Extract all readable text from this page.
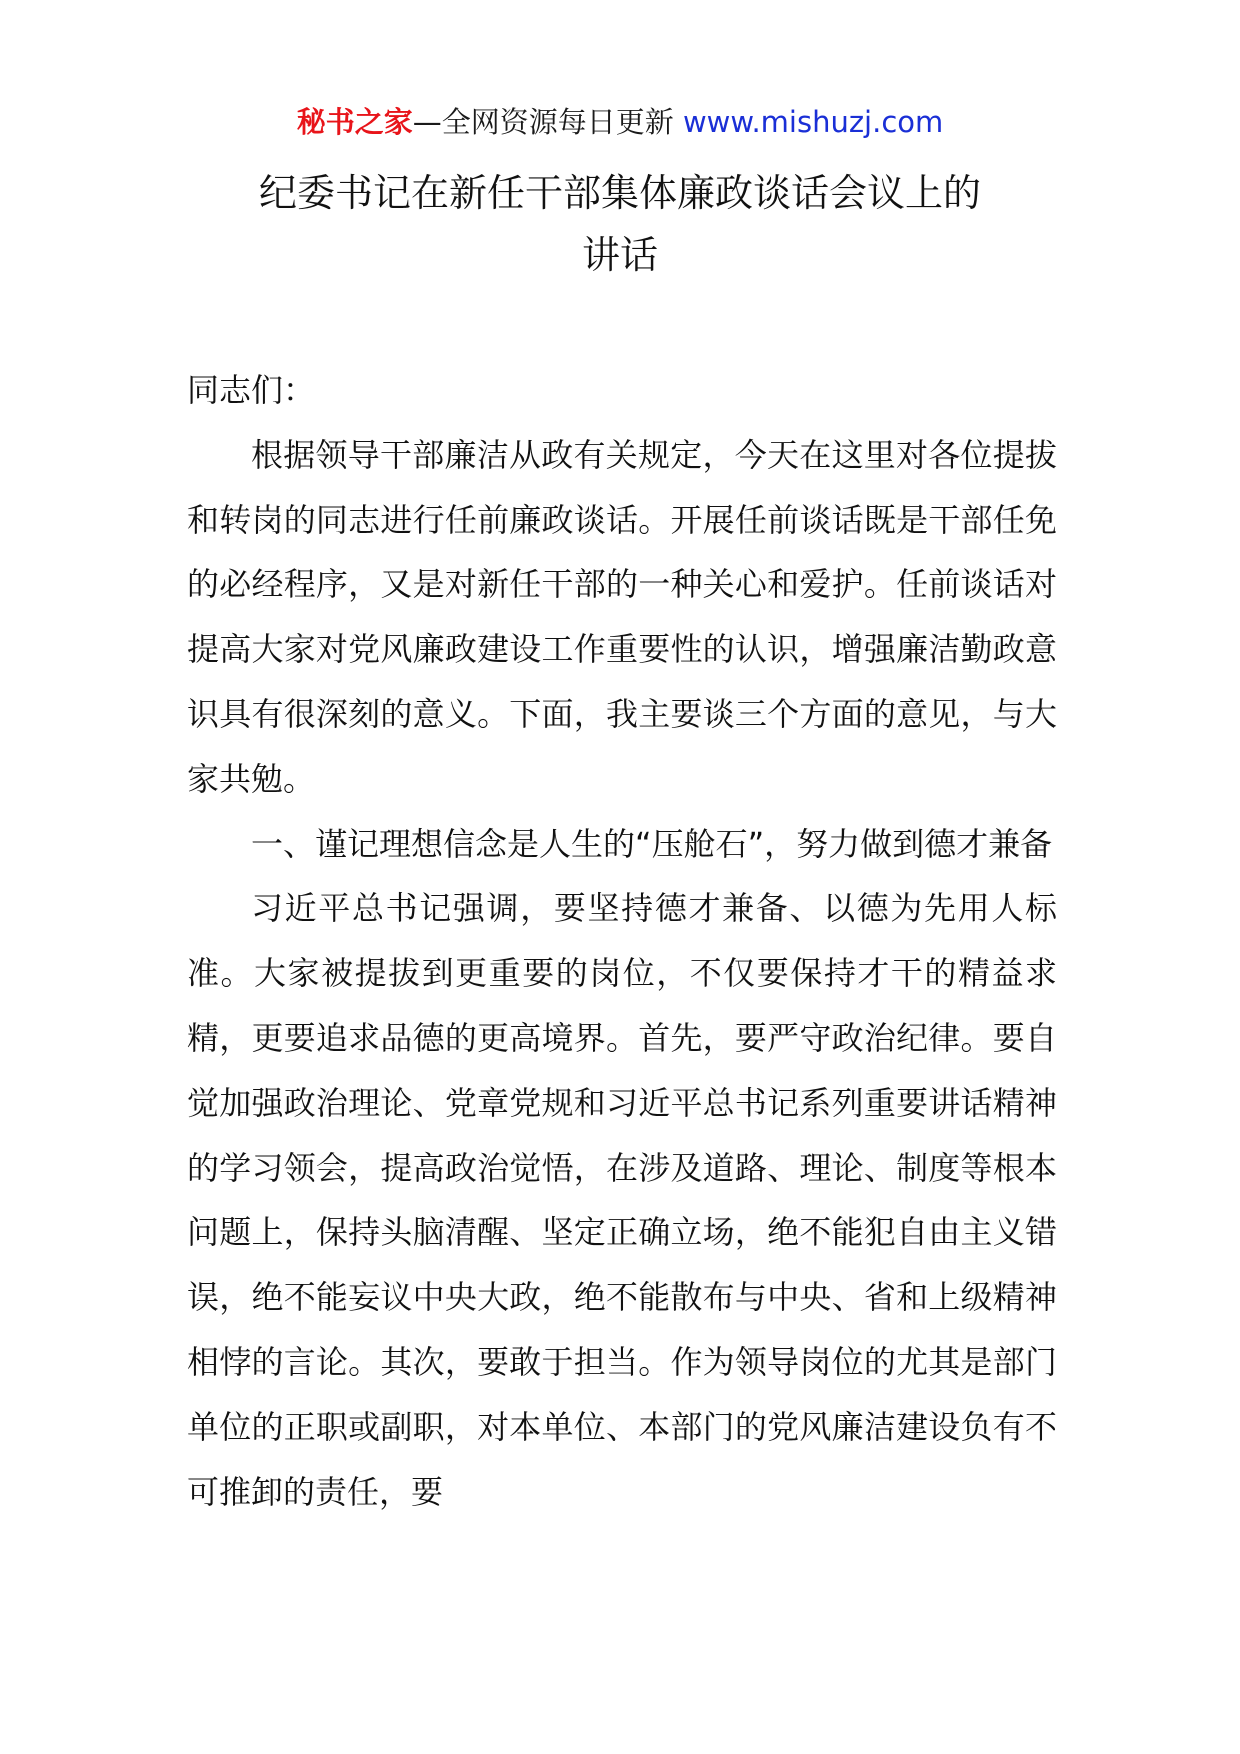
秘书之家—全网资源每日更新 www.mishuzj.com
纪委书记在新任干部集体廉政谈话会议上的
讲话

同志们：

根据领导干部廉洁从政有关规定，今天在这里对各位提拔和转岗的同志进行任前廉政谈话。开展任前谈话既是干部任免的必经程序，又是对新任干部的一种关心和爱护。任前谈话对提高大家对党风廉政建设工作重要性的认识，增强廉洁勤政意识具有很深刻的意义。下面，我主要谈三个方面的意见，与大家共勉。

一、谨记理想信念是人生的“压舱石”，努力做到德才兼备

习近平总书记强调，要坚持德才兼备、以德为先用人标准。大家被提拔到更重要的岗位，不仅要保持才干的精益求精，更要追求品德的更高境界。首先，要严守政治纪律。要自觉加强政治理论、党章党规和习近平总书记系列重要讲话精神的学习领会，提高政治觉悟，在涉及道路、理论、制度等根本问题上，保持头脑清醒、坚定正确立场，绝不能犯自由主义错误，绝不能妄议中央大政，绝不能散布与中央、省和上级精神相悖的言论。其次，要敢于担当。作为领导岗位的尤其是部门单位的正职或副职，对本单位、本部门的党风廉洁建设负有不可推卸的责任，要
